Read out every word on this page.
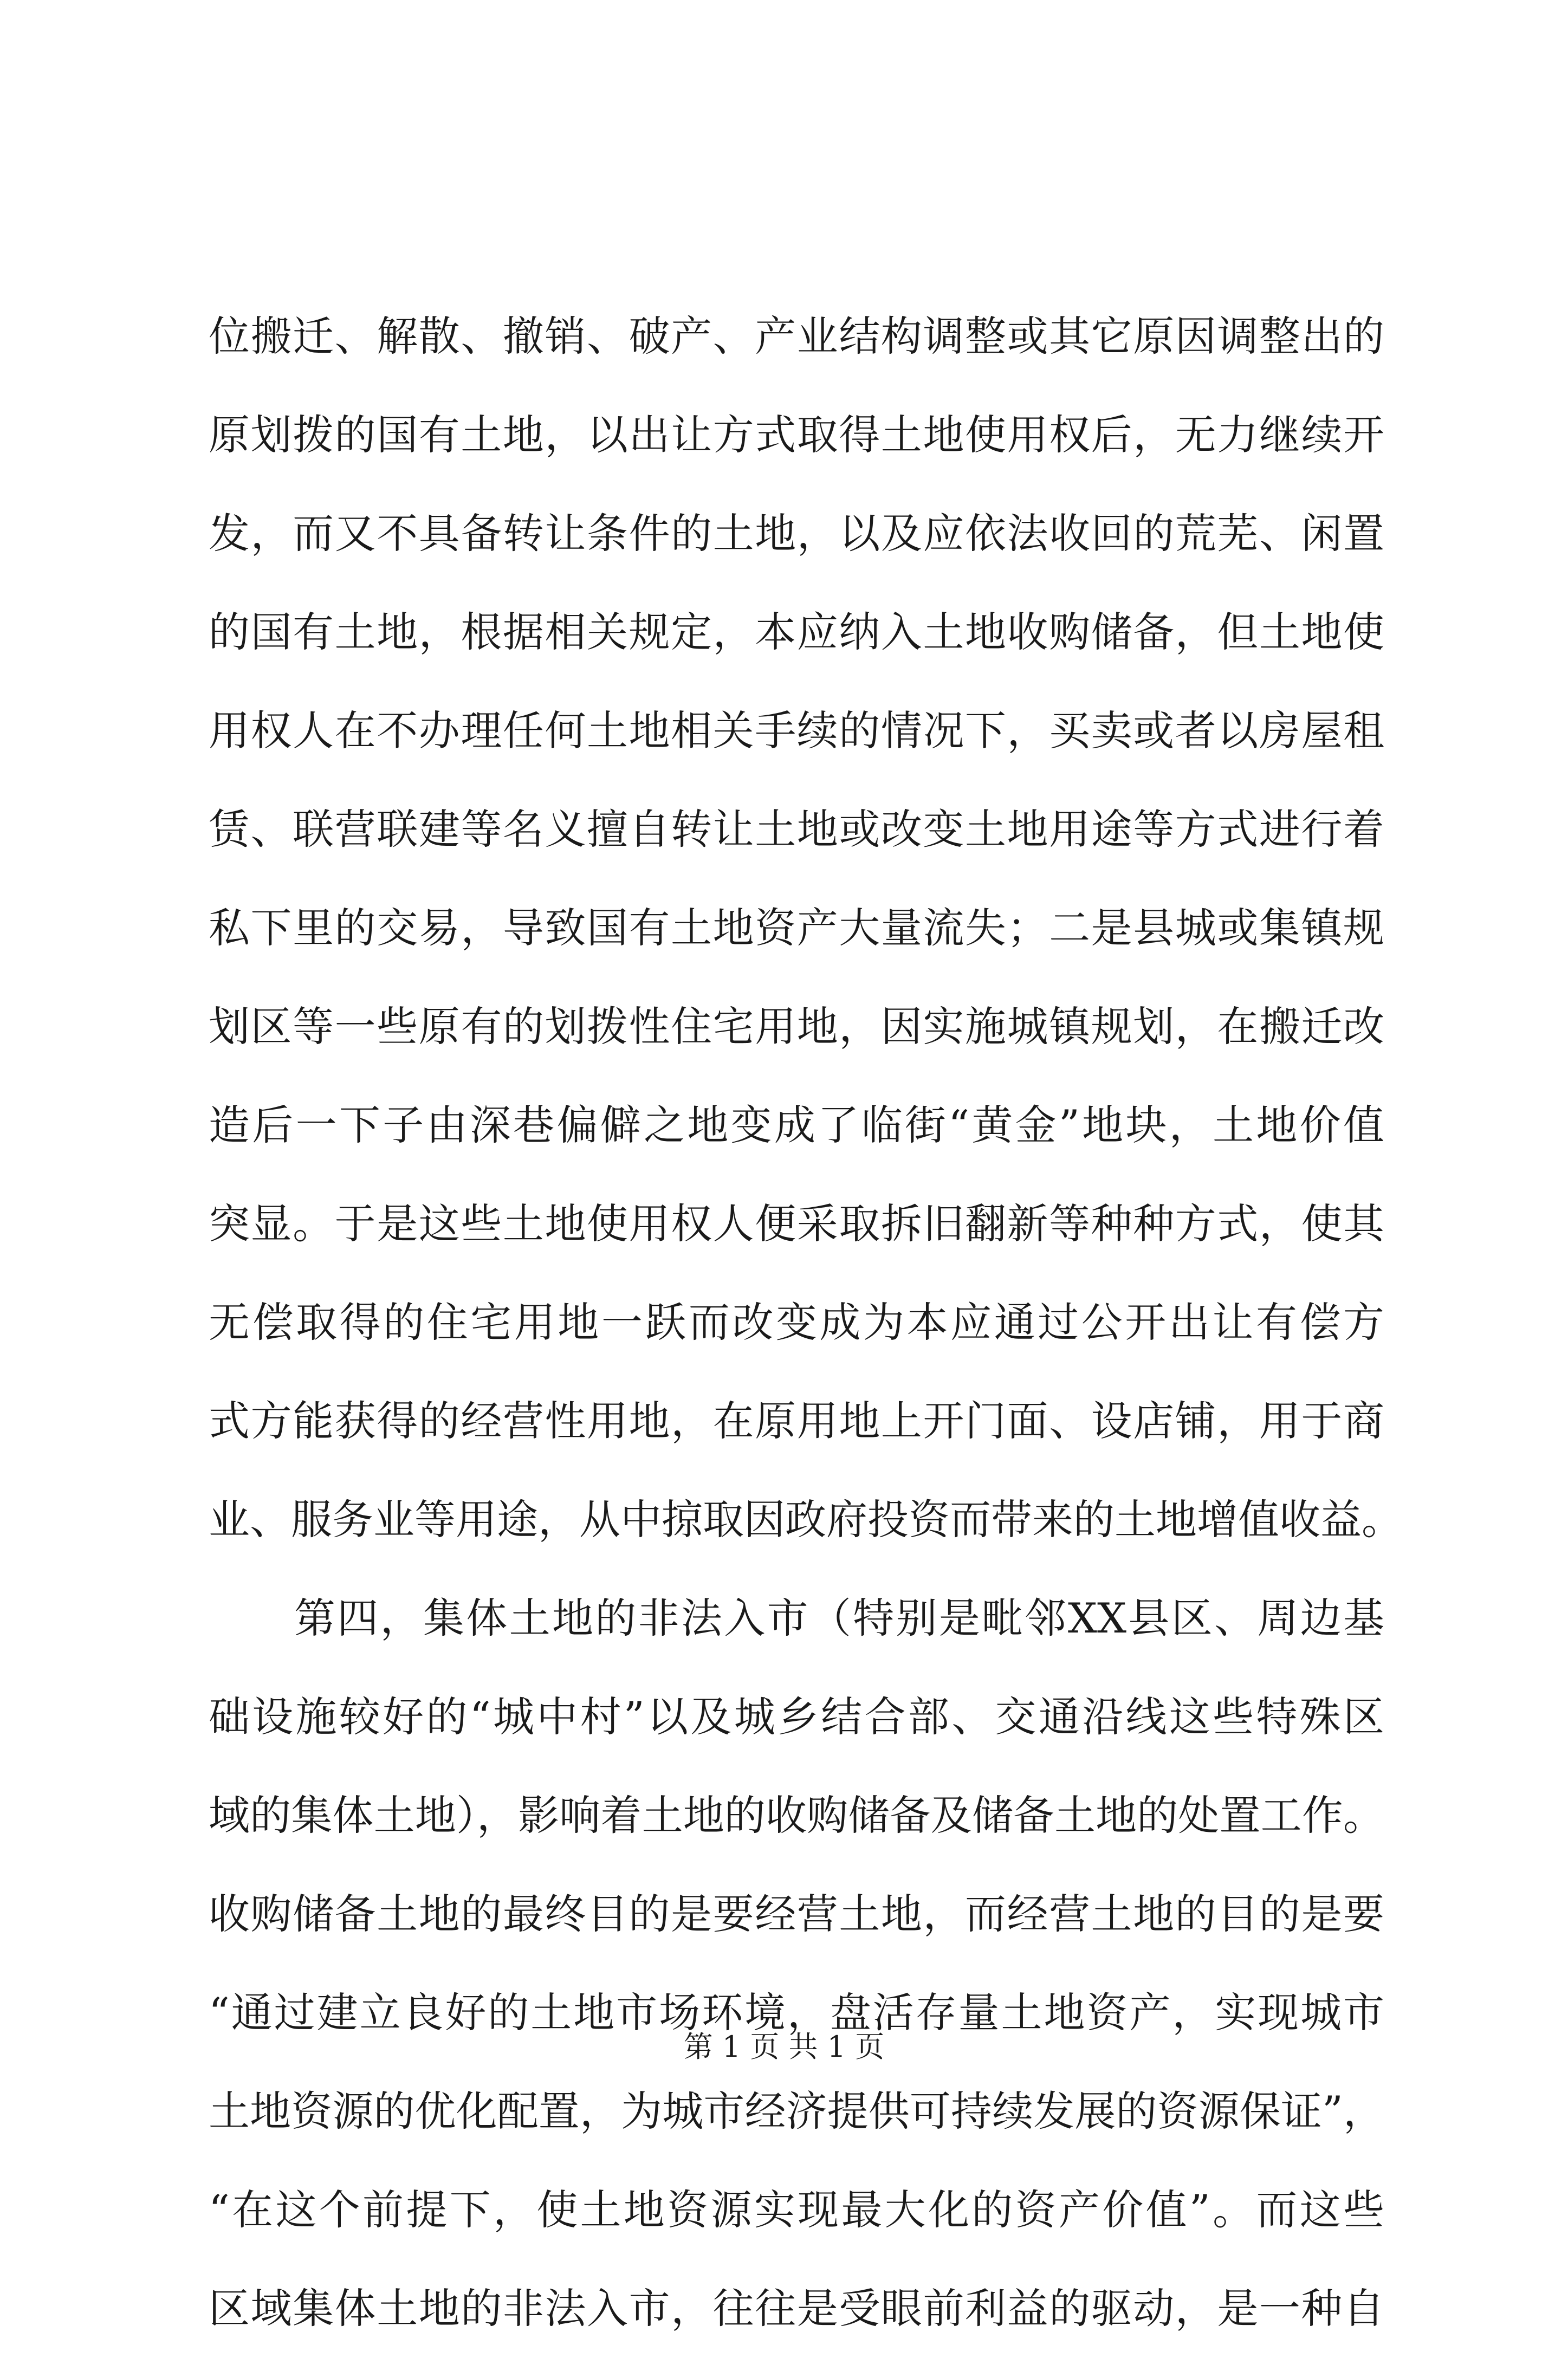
位搬迁、解散、撤销、破产、产业结构调整或其它原因调整出的
原划拨的国有土地，以出让方式取得土地使用权后，无力继续开
发，而又不具备转让条件的土地，以及应依法收回的荒芜、闲置
的国有土地，根据相关规定，本应纳入土地收购储备，但土地使
用权人在不办理任何土地相关手续的情况下，买卖或者以房屋租
赁、联营联建等名义擅自转让土地或改变土地用途等方式进行着
私下里的交易，导致国有土地资产大量流失；二是县城或集镇规
划区等一些原有的划拨性住宅用地，因实施城镇规划，在搬迁改
造后一下子由深巷偏僻之地变成了临街“黄金”地块，土地价值
突显。于是这些土地使用权人便采取拆旧翻新等种种方式，使其
无偿取得的住宅用地一跃而改变成为本应通过公开出让有偿方
式方能获得的经营性用地，在原用地上开门面、设店铺，用于商
业、服务业等用途，从中掠取因政府投资而带来的土地增值收益。
第四，集体土地的非法入市（特别是毗邻XX县区、周边基
础设施较好的“城中村”以及城乡结合部、交通沿线这些特殊区
域的集体土地），影响着土地的收购储备及储备土地的处置工作。
收购储备土地的最终目的是要经营土地，而经营土地的目的是要
“通过建立良好的土地市场环境，盘活存量土地资产，实现城市
土地资源的优化配置，为城市经济提供可持续发展的资源保证”，
“在这个前提下，使土地资源实现最大化的资产价值”。而这些
区域集体土地的非法入市，往往是受眼前利益的驱动，是一种自
第 1 页 共 1 页
